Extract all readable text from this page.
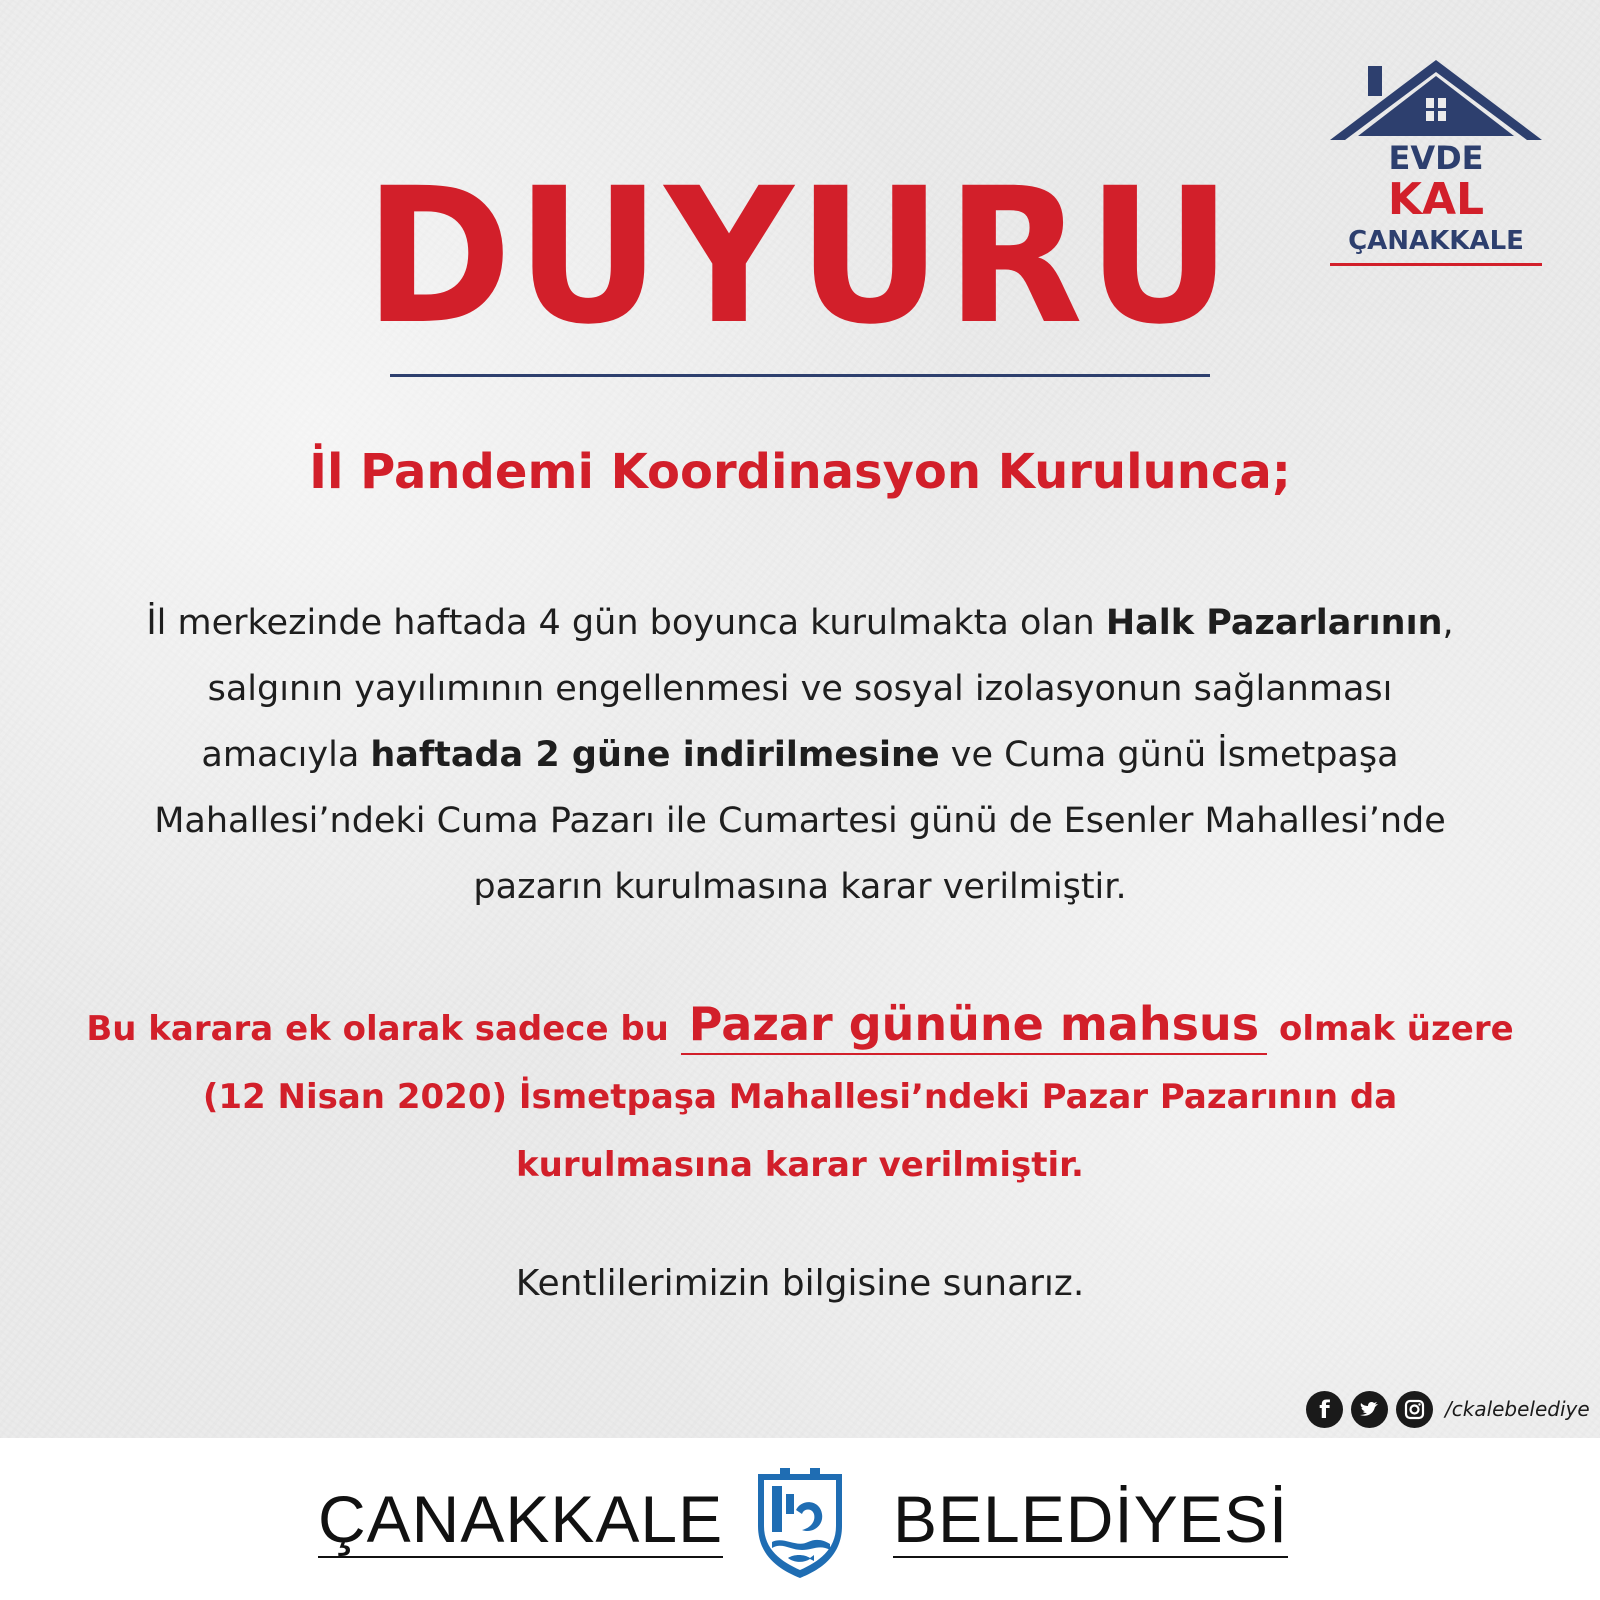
EVDE
KAL
ÇANAKKALE
DUYURU
İl Pandemi Koordinasyon Kurulunca;
İl merkezinde haftada 4 gün boyunca kurulmakta olan Halk Pazarlarının,
salgının yayılımının engellenmesi ve sosyal izolasyonun sağlanması
amacıyla haftada 2 güne indirilmesine ve Cuma günü İsmetpaşa
Mahallesi’ndeki Cuma Pazarı ile Cumartesi günü de Esenler Mahallesi’nde
pazarın kurulmasına karar verilmiştir.
Bu karara ek olarak sadece bu Pazar gününe mahsus olmak üzere
(12 Nisan 2020) İsmetpaşa Mahallesi’ndeki Pazar Pazarının da
kurulmasına karar verilmiştir.
Kentlilerimizin bilgisine sunarız.
f	/ckalebelediye
ÇANAKKALE	BELEDİYESİ
